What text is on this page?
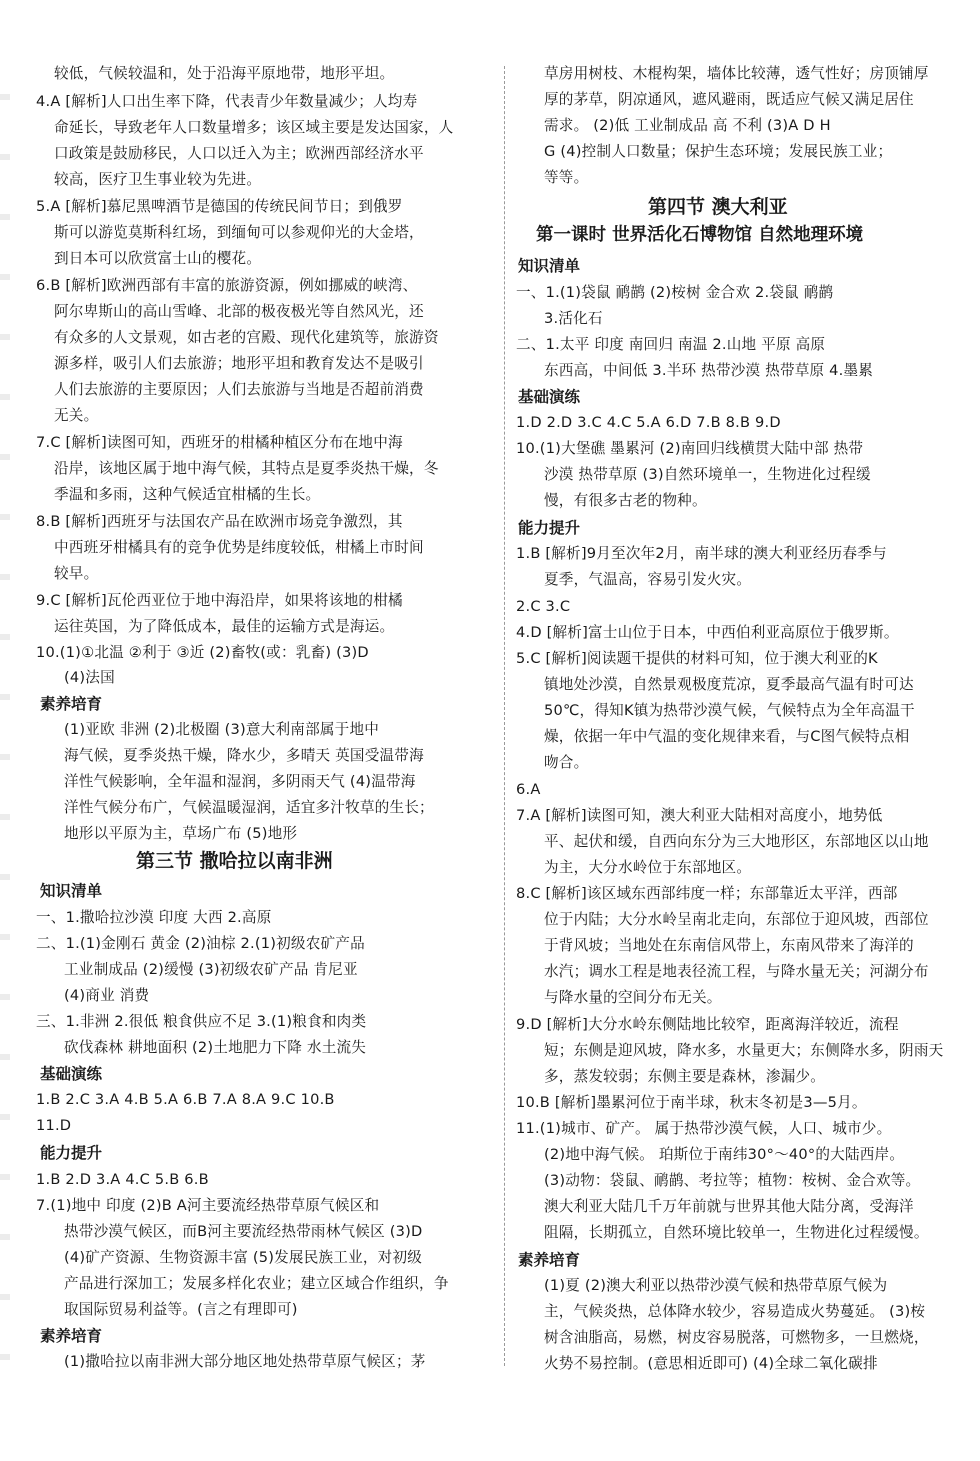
较低，气候较温和，处于沿海平原地带，地形平坦。
4.A [解析]人口出生率下降，代表青少年数量减少；人均寿
命延长，导致老年人口数量增多；该区域主要是发达国家，人
口政策是鼓励移民，人口以迁入为主；欧洲西部经济水平
较高，医疗卫生事业较为先进。
5.A [解析]慕尼黑啤酒节是德国的传统民间节日；到俄罗
斯可以游览莫斯科红场，到缅甸可以参观仰光的大金塔，
到日本可以欣赏富士山的樱花。
6.B [解析]欧洲西部有丰富的旅游资源，例如挪威的峡湾、
阿尔卑斯山的高山雪峰、北部的极夜极光等自然风光，还
有众多的人文景观，如古老的宫殿、现代化建筑等，旅游资
源多样，吸引人们去旅游；地形平坦和教育发达不是吸引
人们去旅游的主要原因；人们去旅游与当地是否超前消费
无关。
7.C [解析]读图可知，西班牙的柑橘种植区分布在地中海
沿岸，该地区属于地中海气候，其特点是夏季炎热干燥，冬
季温和多雨，这种气候适宜柑橘的生长。
8.B [解析]西班牙与法国农产品在欧洲市场竞争激烈，其
中西班牙柑橘具有的竞争优势是纬度较低，柑橘上市时间
较早。
9.C [解析]瓦伦西亚位于地中海沿岸，如果将该地的柑橘
运往英国，为了降低成本，最佳的运输方式是海运。
10.(1)①北温 ②利于 ③近 (2)畜牧(或：乳畜) (3)D
(4)法国
素养培育
(1)亚欧 非洲 (2)北极圈 (3)意大利南部属于地中
海气候，夏季炎热干燥，降水少，多晴天 英国受温带海
洋性气候影响，全年温和湿润，多阴雨天气 (4)温带海
洋性气候分布广，气候温暖湿润，适宜多汁牧草的生长；
地形以平原为主，草场广布 (5)地形
第三节 撒哈拉以南非洲
知识清单
一、1.撒哈拉沙漠 印度 大西 2.高原
二、1.(1)金刚石 黄金 (2)油棕 2.(1)初级农矿产品
工业制成品 (2)缓慢 (3)初级农矿产品 肯尼亚
(4)商业 消费
三、1.非洲 2.很低 粮食供应不足 3.(1)粮食和肉类
砍伐森林 耕地面积 (2)土地肥力下降 水土流失
基础演练
1.B 2.C 3.A 4.B 5.A 6.B 7.A 8.A 9.C 10.B
11.D
能力提升
1.B 2.D 3.A 4.C 5.B 6.B
7.(1)地中 印度 (2)B A河主要流经热带草原气候区和
热带沙漠气候区，而B河主要流经热带雨林气候区 (3)D
(4)矿产资源、生物资源丰富 (5)发展民族工业，对初级
产品进行深加工；发展多样化农业；建立区域合作组织，争
取国际贸易利益等。(言之有理即可)
素养培育
(1)撒哈拉以南非洲大部分地区地处热带草原气候区；茅
草房用树枝、木棍构架，墙体比较薄，透气性好；房顶铺厚
厚的茅草，阴凉通风，遮风避雨，既适应气候又满足居住
需求。 (2)低 工业制成品 高 不利 (3)A D H
G (4)控制人口数量；保护生态环境；发展民族工业；
等等。
第四节 澳大利亚
第一课时 世界活化石博物馆 自然地理环境
知识清单
一、1.(1)袋鼠 鸸鹋 (2)桉树 金合欢 2.袋鼠 鸸鹋
3.活化石
二、1.太平 印度 南回归 南温 2.山地 平原 高原
东西高，中间低 3.半环 热带沙漠 热带草原 4.墨累
基础演练
1.D 2.D 3.C 4.C 5.A 6.D 7.B 8.B 9.D
10.(1)大堡礁 墨累河 (2)南回归线横贯大陆中部 热带
沙漠 热带草原 (3)自然环境单一，生物进化过程缓
慢，有很多古老的物种。
能力提升
1.B [解析]9月至次年2月，南半球的澳大利亚经历春季与
夏季，气温高，容易引发火灾。
2.C 3.C
4.D [解析]富士山位于日本，中西伯利亚高原位于俄罗斯。
5.C [解析]阅读题干提供的材料可知，位于澳大利亚的K
镇地处沙漠，自然景观极度荒凉，夏季最高气温有时可达
50℃，得知K镇为热带沙漠气候，气候特点为全年高温干
燥，依据一年中气温的变化规律来看，与C图气候特点相
吻合。
6.A
7.A [解析]读图可知，澳大利亚大陆相对高度小，地势低
平、起伏和缓，自西向东分为三大地形区，东部地区以山地
为主，大分水岭位于东部地区。
8.C [解析]该区域东西部纬度一样；东部靠近太平洋，西部
位于内陆；大分水岭呈南北走向，东部位于迎风坡，西部位
于背风坡；当地处在东南信风带上，东南风带来了海洋的
水汽；调水工程是地表径流工程，与降水量无关；河湖分布
与降水量的空间分布无关。
9.D [解析]大分水岭东侧陆地比较窄，距离海洋较近，流程
短；东侧是迎风坡，降水多，水量更大；东侧降水多，阴雨天
多，蒸发较弱；东侧主要是森林，渗漏少。
10.B [解析]墨累河位于南半球，秋末冬初是3—5月。
11.(1)城市、矿产。 属于热带沙漠气候，人口、城市少。
(2)地中海气候。 珀斯位于南纬30°～40°的大陆西岸。
(3)动物：袋鼠、鸸鹋、考拉等；植物：桉树、金合欢等。
澳大利亚大陆几千万年前就与世界其他大陆分离，受海洋
阻隔，长期孤立，自然环境比较单一，生物进化过程缓慢。
素养培育
(1)夏 (2)澳大利亚以热带沙漠气候和热带草原气候为
主，气候炎热，总体降水较少，容易造成火势蔓延。 (3)桉
树含油脂高，易燃，树皮容易脱落，可燃物多，一旦燃烧，
火势不易控制。(意思相近即可) (4)全球二氧化碳排
